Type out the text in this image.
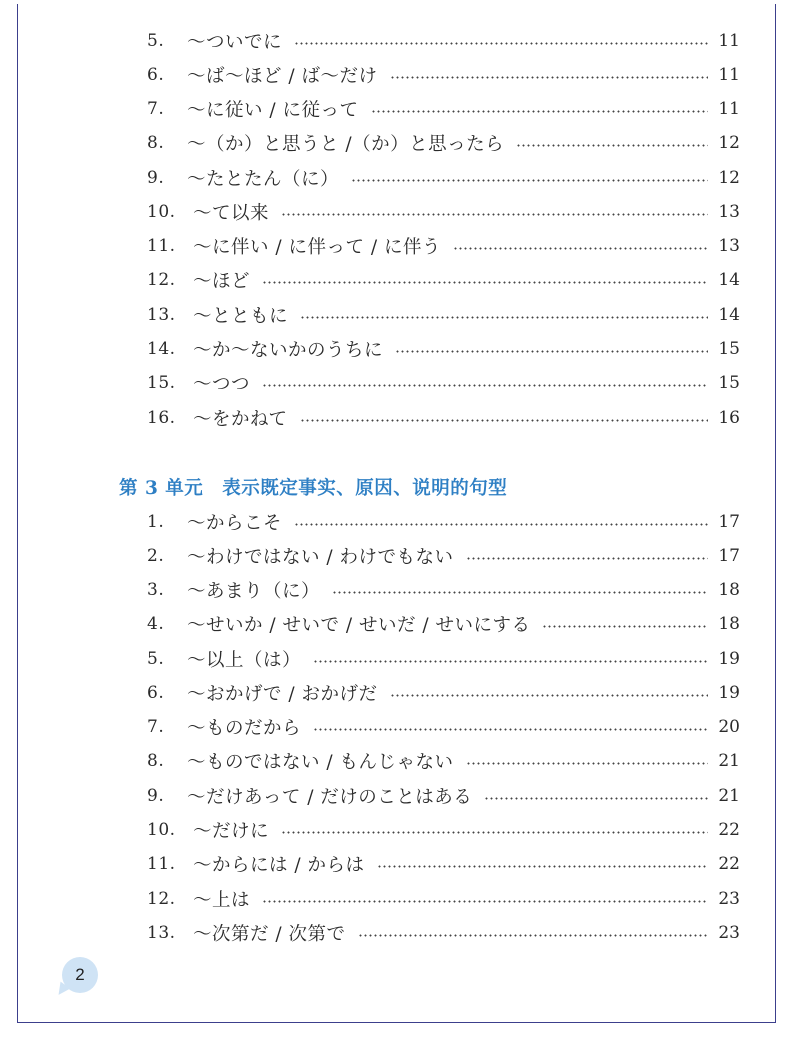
5.	〜ついでに	11
6.	〜ば〜ほど / ば〜だけ	11
7.	〜に従い / に従って	11
8.	〜（か）と思うと /（か）と思ったら	12
9.	〜たとたん（に）	12
10. 〜て以来	13
11. 〜に伴い / に伴って / に伴う	13
12. 〜ほど	14
13. 〜とともに	14
14. 〜か〜ないかのうちに	15
15. 〜つつ	15
16. 〜をかねて	16
第 3 单元　表示既定事实、原因、说明的句型
1.	〜からこそ	17
2.	〜わけではない / わけでもない	17
3.	〜あまり（に）	18
4.	〜せいか / せいで / せいだ / せいにする	18
5.	〜以上（は）	19
6.	〜おかげで / おかげだ	19
7.	〜ものだから	20
8.	〜ものではない / もんじゃない	21
9.	〜だけあって / だけのことはある	21
10. 〜だけに	22
11. 〜からには / からは	22
12. 〜上は	23
13. 〜次第だ / 次第で	23
2
